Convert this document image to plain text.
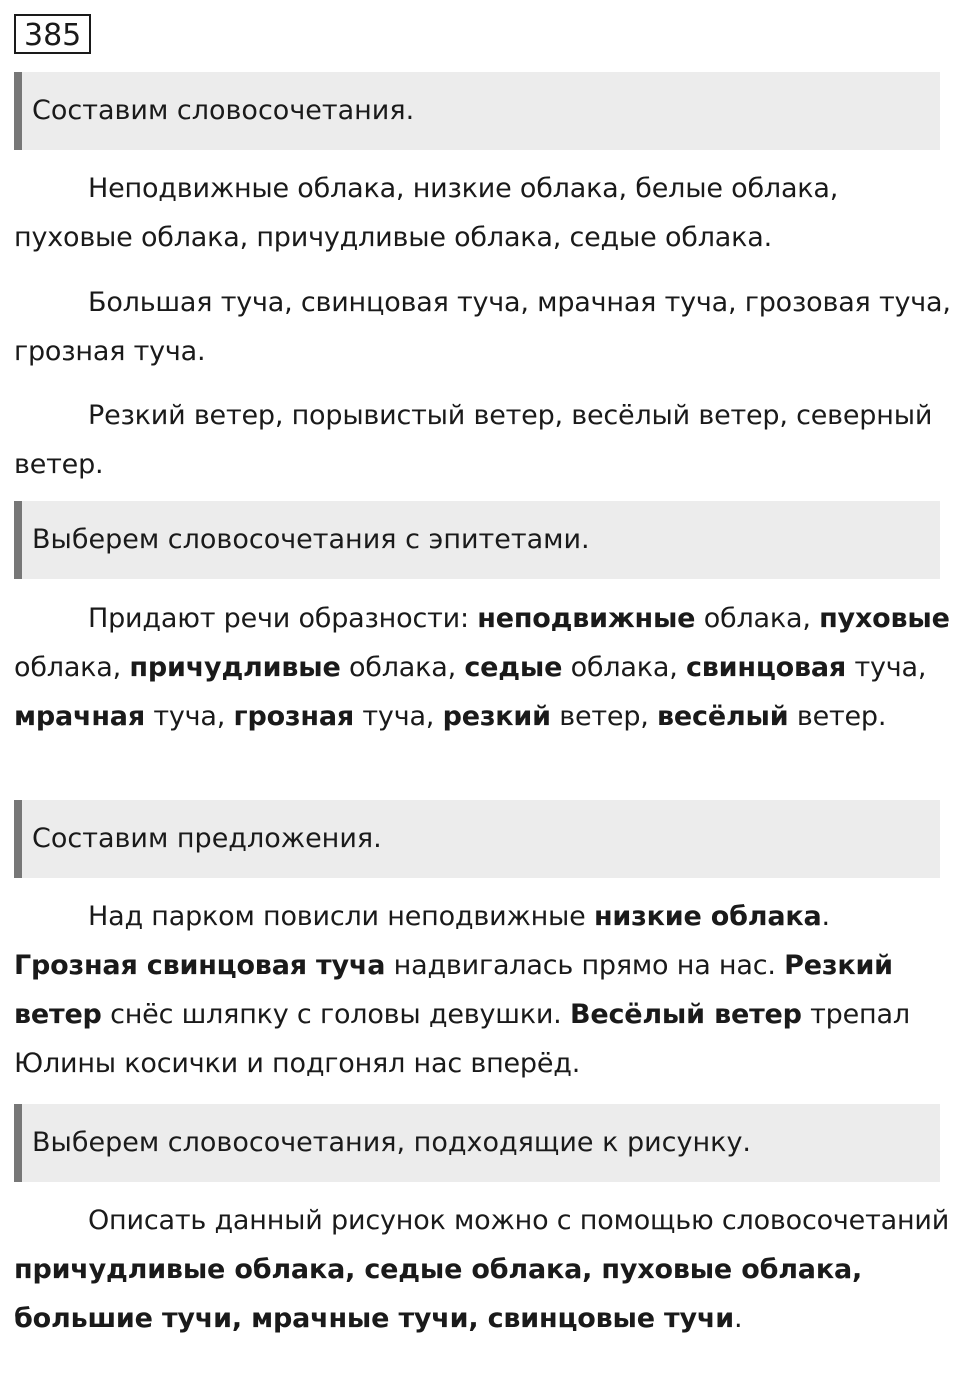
385
Составим словосочетания.

Неподвижные облака, низкие облака, белые облака, пуховые облака, причудливые облака, седые облака.

Большая туча, свинцовая туча, мрачная туча, грозовая туча, грозная туча.

Резкий ветер, порывистый ветер, весёлый ветер, северный ветер.

Выберем словосочетания с эпитетами.

Придают речи образности: неподвижные облака, пуховые облака, причудливые облака, седые облака, свинцовая туча, мрачная туча, грозная туча, резкий ветер, весёлый ветер.

Составим предложения.

Над парком повисли неподвижные низкие облака. Грозная свинцовая туча надвигалась прямо на нас. Резкий ветер снёс шляпку с головы девушки. Весёлый ветер трепал Юлины косички и подгонял нас вперёд.

Выберем словосочетания, подходящие к рисунку.

Описать данный рисунок можно с помощью словосочетаний причудливые облака, седые облака, пуховые облака, большие тучи, мрачные тучи, свинцовые тучи.
